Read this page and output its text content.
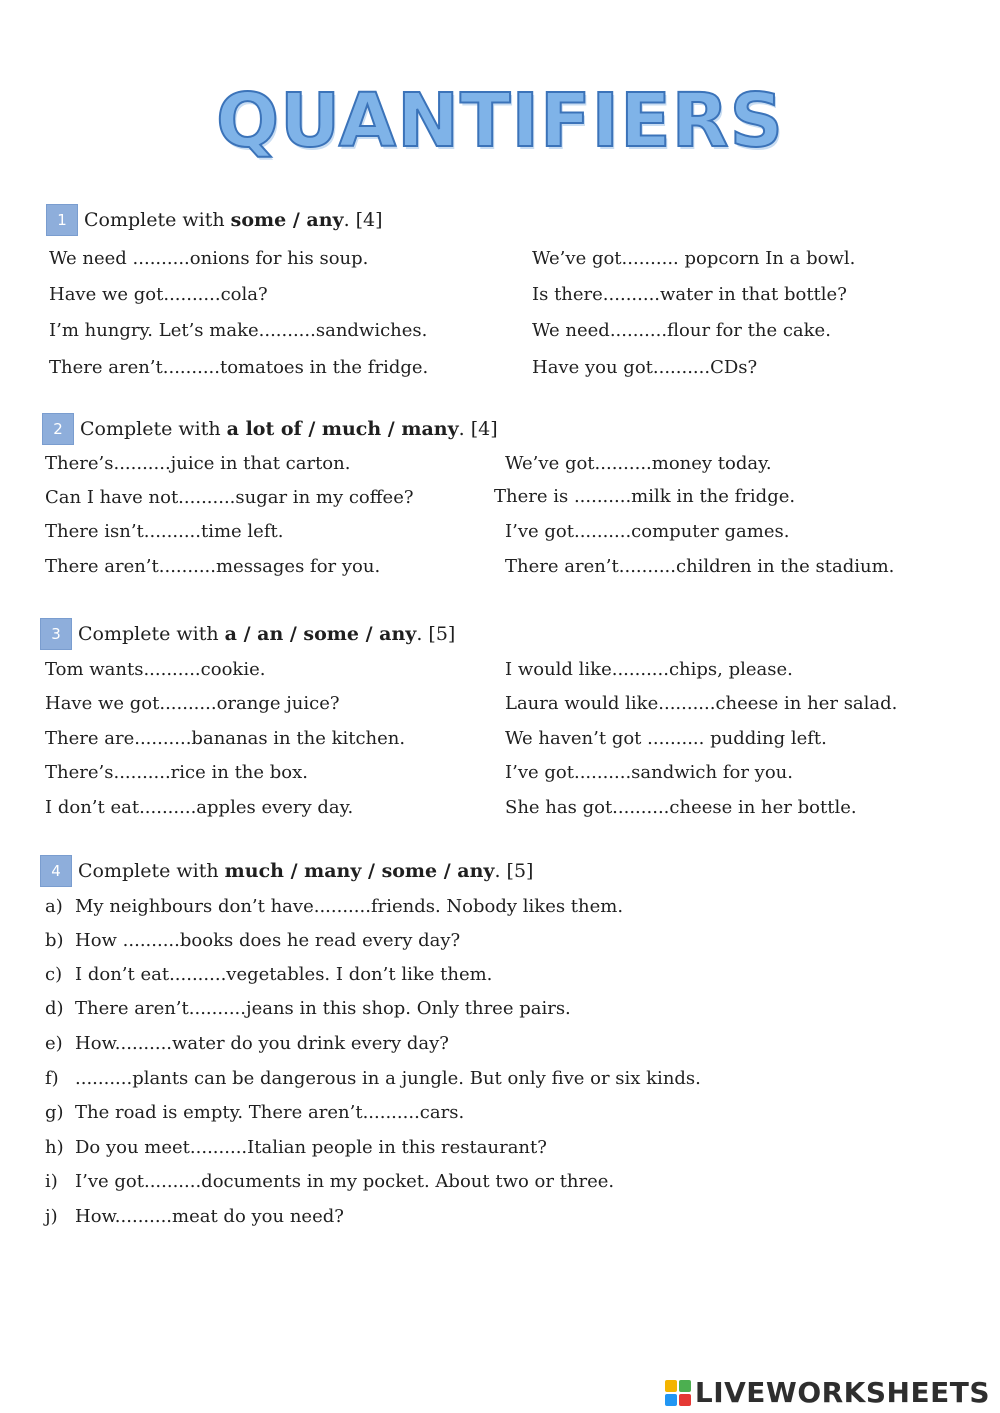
QUANTIFIERS
1 Complete with some / any. [4]
We need ..........onions for his soup.
Have we got..........cola?
I’m hungry. Let’s make..........sandwiches.
There aren’t..........tomatoes in the fridge.
We’ve got.......... popcorn In a bowl.
Is there..........water in that bottle?
We need..........flour for the cake.
Have you got..........CDs?
2 Complete with a lot of / much / many. [4]
There’s..........juice in that carton.
Can I have not..........sugar in my coffee?
There isn’t..........time left.
There aren’t..........messages for you.
We’ve got..........money today.
There is ..........milk in the fridge.
I’ve got..........computer games.
There aren’t..........children in the stadium.
3 Complete with a / an / some / any. [5]
Tom wants..........cookie.
Have we got..........orange juice?
There are..........bananas in the kitchen.
There’s..........rice in the box.
I don’t eat..........apples every day.
I would like..........chips, please.
Laura would like..........cheese in her salad.
We haven’t got .......... pudding left.
I’ve got..........sandwich for you.
She has got..........cheese in her bottle.
4 Complete with much / many / some / any. [5]
a) My neighbours don’t have..........friends. Nobody likes them.
b) How ..........books does he read every day?
c) I don’t eat..........vegetables. I don’t like them.
d) There aren’t..........jeans in this shop. Only three pairs.
e) How..........water do you drink every day?
f) ..........plants can be dangerous in a jungle. But only five or six kinds.
g) The road is empty. There aren’t..........cars.
h) Do you meet..........Italian people in this restaurant?
i) I’ve got..........documents in my pocket. About two or three.
j) How..........meat do you need?
LIVEWORKSHEETS
